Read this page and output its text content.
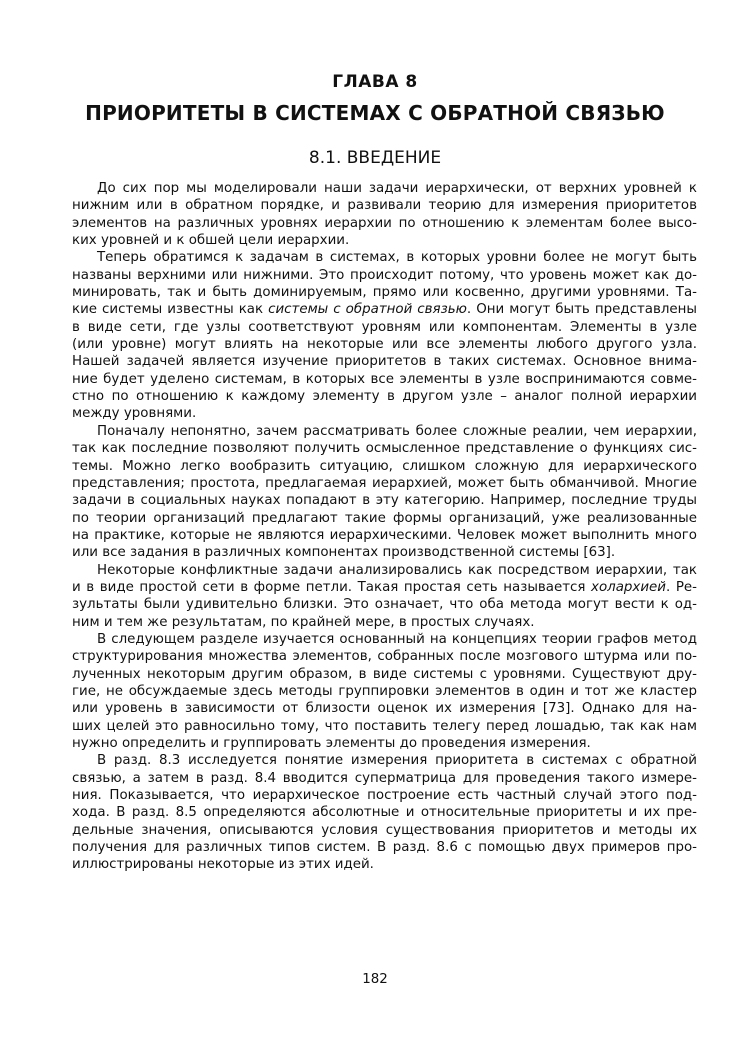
ГЛАВА 8
ПРИОРИТЕТЫ В СИСТЕМАХ С ОБРАТНОЙ СВЯЗЬЮ
8.1. ВВЕДЕНИЕ
До сих пор мы моделировали наши задачи иерархически, от верхних уровней к
нижним или в обратном порядке, и развивали теорию для измерения приоритетов
элементов на различных уровнях иерархии по отношению к элементам более высо-
ких уровней и к обшей цели иерархии.
Теперь обратимся к задачам в системах, в которых уровни более не могут быть
названы верхними или нижними. Это происходит потому, что уровень может как до-
минировать, так и быть доминируемым, прямо или косвенно, другими уровнями. Та-
кие системы известны как системы с обратной связью. Они могут быть представлены
в виде сети, где узлы соответствуют уровням или компонентам. Элементы в узле
(или уровне) могут влиять на некоторые или все элементы любого другого узла.
Нашей задачей является изучение приоритетов в таких системах. Основное внима-
ние будет уделено системам, в которых все элементы в узле воспринимаются совме-
стно по отношению к каждому элементу в другом узле – аналог полной иерархии
между уровнями.
Поначалу непонятно, зачем рассматривать более сложные реалии, чем иерархии,
так как последние позволяют получить осмысленное представление о функциях сис-
темы. Можно легко вообразить ситуацию, слишком сложную для иерархического
представления; простота, предлагаемая иерархией, может быть обманчивой. Многие
задачи в социальных науках попадают в эту категорию. Например, последние труды
по теории организаций предлагают такие формы организаций, уже реализованные
на практике, которые не являются иерархическими. Человек может выполнить много
или все задания в различных компонентах производственной системы [63].
Некоторые конфликтные задачи анализировались как посредством иерархии, так
и в виде простой сети в форме петли. Такая простая сеть называется холархией. Ре-
зультаты были удивительно близки. Это означает, что оба метода могут вести к од-
ним и тем же результатам, по крайней мере, в простых случаях.
В следующем разделе изучается основанный на концепциях теории графов метод
структурирования множества элементов, собранных после мозгового штурма или по-
лученных некоторым другим образом, в виде системы с уровнями. Существуют дру-
гие, не обсуждаемые здесь методы группировки элементов в один и тот же кластер
или уровень в зависимости от близости оценок их измерения [73]. Однако для на-
ших целей это равносильно тому, что поставить телегу перед лошадью, так как нам
нужно определить и группировать элементы до проведения измерения.
В разд. 8.3 исследуется понятие измерения приоритета в системах с обратной
связью, а затем в разд. 8.4 вводится суперматрица для проведения такого измере-
ния. Показывается, что иерархическое построение есть частный случай этого под-
хода. В разд. 8.5 определяются абсолютные и относительные приоритеты и их пре-
дельные значения, описываются условия существования приоритетов и методы их
получения для различных типов систем. В разд. 8.6 с помощью двух примеров про-
иллюстрированы некоторые из этих идей.
182
